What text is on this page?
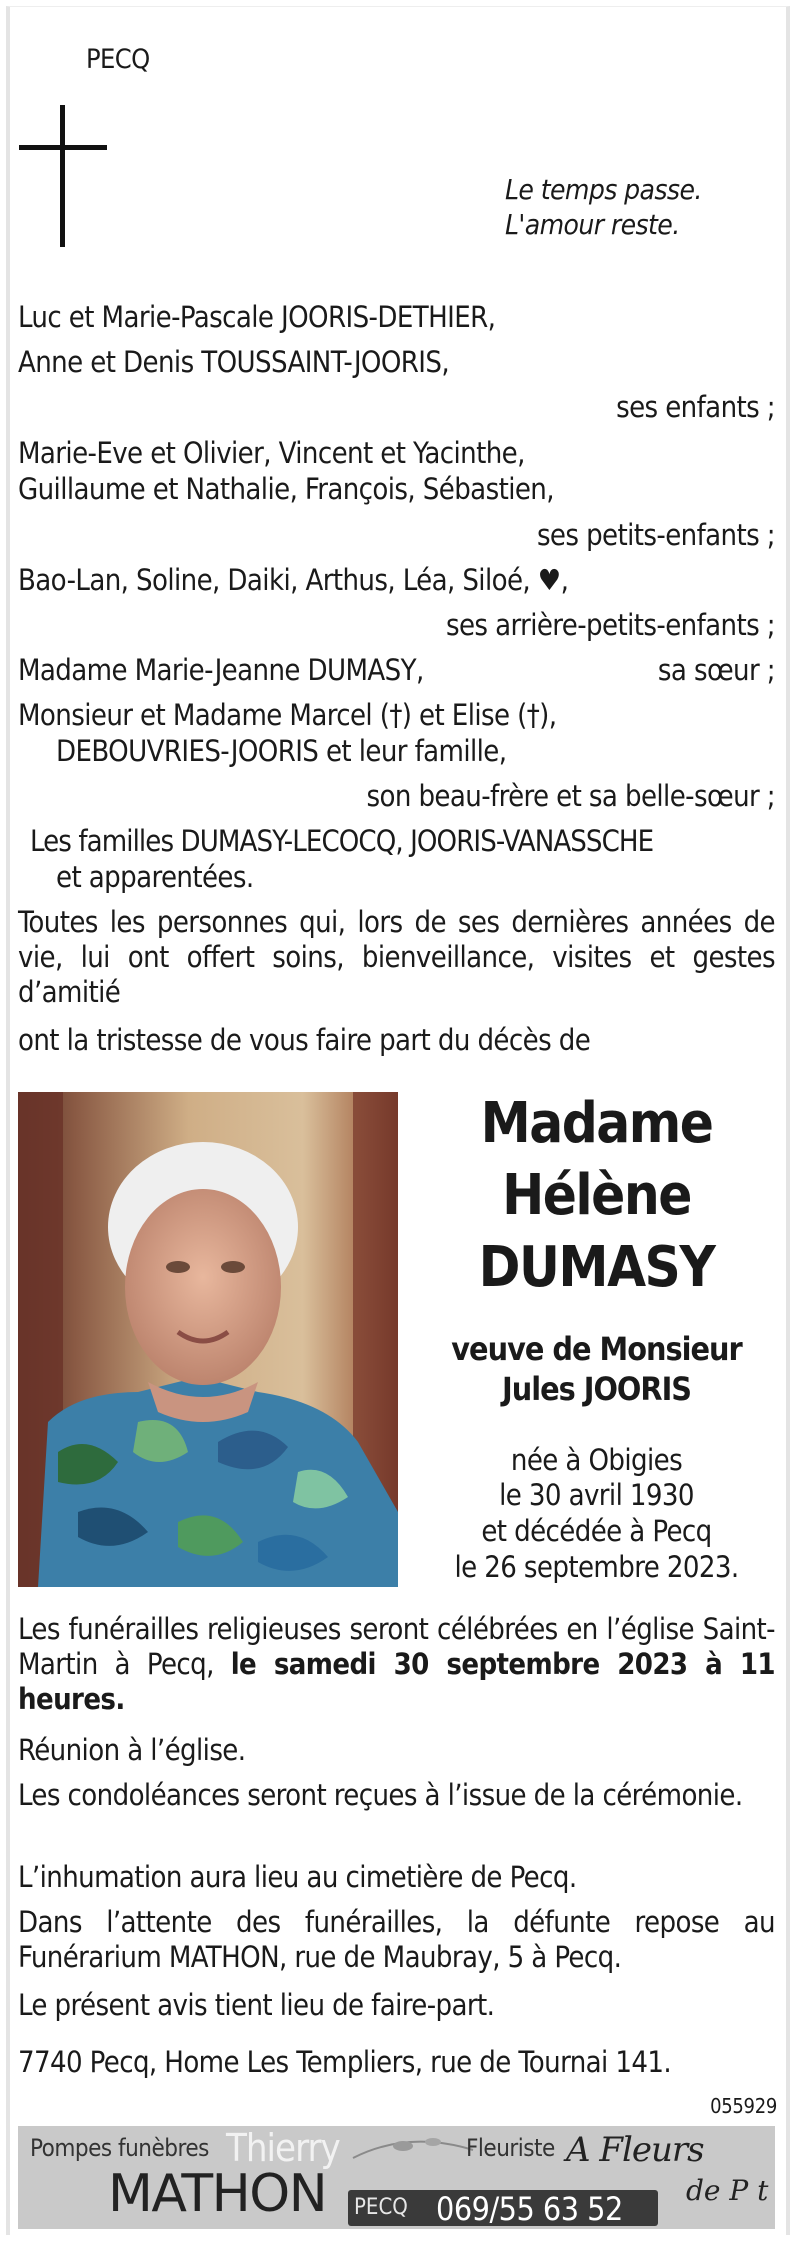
PECQ
Le temps passe.
L'amour reste.
Luc et Marie-Pascale JOORIS-DETHIER,
Anne et Denis TOUSSAINT-JOORIS,
ses enfants ;
Marie-Eve et Olivier, Vincent et Yacinthe,
Guillaume et Nathalie, François, Sébastien,
ses petits-enfants ;
Bao-Lan, Soline, Daiki, Arthus, Léa, Siloé, ♥,
ses arrière-petits-enfants ;
Madame Marie-Jeanne DUMASY,	sa sœur ;
Monsieur et Madame Marcel (†) et Elise (†),
DEBOUVRIES-JOORIS et leur famille,
son beau-frère et sa belle-sœur ;
Les familles DUMASY-LECOCQ, JOORIS-VANASSCHE
et apparentées.
Toutes les personnes qui, lors de ses dernières années de vie, lui ont offert soins, bienveillance, visites et gestes d’amitié
ont la tristesse de vous faire part du décès de
Madame
Hélène
DUMASY
veuve de Monsieur
Jules JOORIS
née à Obigies
le 30 avril 1930
et décédée à Pecq
le 26 septembre 2023.
Les funérailles religieuses seront célébrées en l’église Saint-Martin à Pecq, le samedi 30 septembre 2023 à 11 heures.
Réunion à l’église.
Les condoléances seront reçues à l’issue de la cérémonie.
L’inhumation aura lieu au cimetière de Pecq.
Dans l’attente des funérailles, la défunte repose au Funérarium MATHON, rue de Maubray, 5 à Pecq.
Le présent avis tient lieu de faire-part.
7740 Pecq, Home Les Templiers, rue de Tournai 141.
055929
Pompes funèbres Thierry
MATHON PECQ 069/55 63 52
Fleuriste A Fleurs
de P t
